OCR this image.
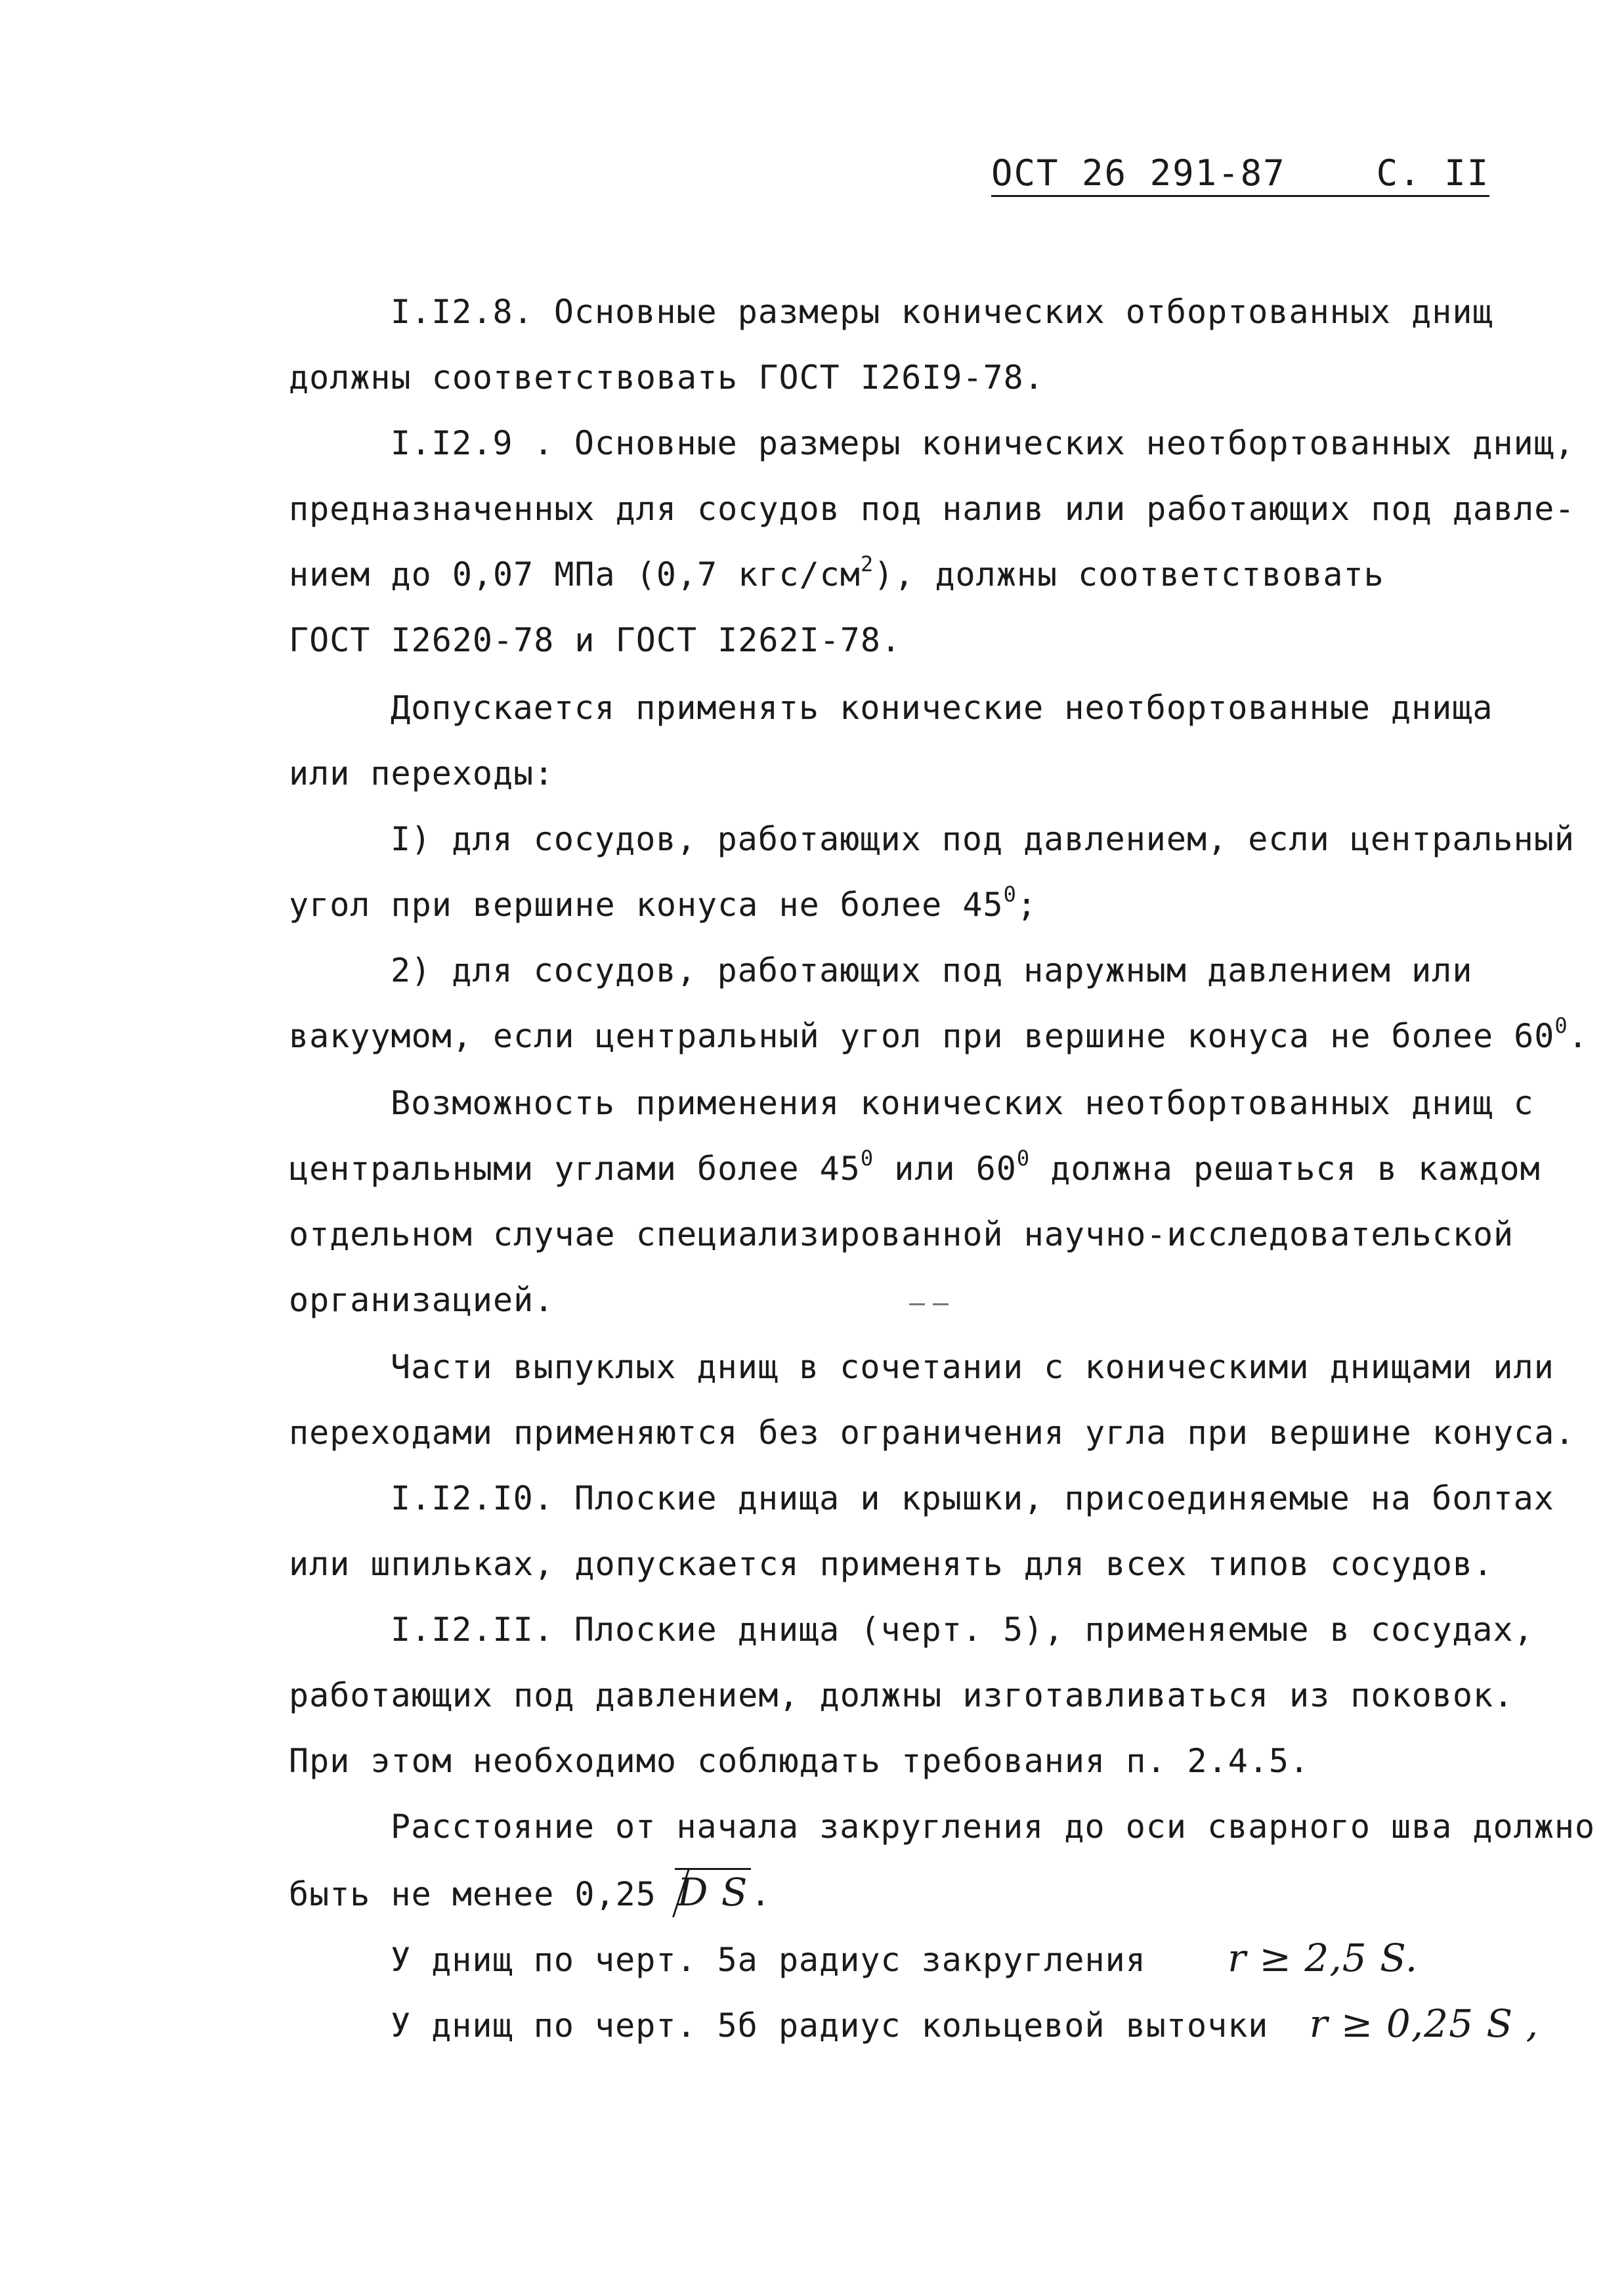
ОСТ 26 291-87    С. II
I.I2.8. Основные размеры конических отбортованных днищ
должны соответствовать ГОСТ I26I9-78.
I.I2.9 . Основные размеры конических неотбортованных днищ,
предназначенных для сосудов под налив или работающих под давле-
нием до 0,07 МПа (0,7 кгс/$см^2$), должны соответствовать
ГОСТ I2620-78 и ГОСТ I262I-78.
Допускается применять конические неотбортованные днища
или переходы:
I) для сосудов, работающих под давлением, если центральный
угол при вершине конуса не более $45^0$;
2) для сосудов, работающих под наружным давлением или
вакуумом, если центральный угол при вершине конуса не более $60^0$.
Возможность применения конических неотбортованных днищ с
центральными углами более $45^0$ или $60^0$ должна решаться в каждом
отдельном случае специализированной научно-исследовательской
организацией.
Части выпуклых днищ в сочетании с коническими днищами или
переходами применяются без ограничения угла при вершине конуса.
I.I2.I0. Плоские днища и крышки, присоединяемые на болтах
или шпильках, допускается применять для всех типов сосудов.
I.I2.II. Плоские днища (черт. 5), применяемые в сосудах,
работающих под давлением, должны изготавливаться из поковок.
При этом необходимо соблюдать требования п. 2.4.5.
Расстояние от начала закругления до оси сварного шва должно
быть не менее 0,25 D S.
У днищ по черт. 5а радиус закругления r ≥ 2,5 S.
У днищ по черт. 5б радиус кольцевой выточки r ≥ 0,25 S ,
